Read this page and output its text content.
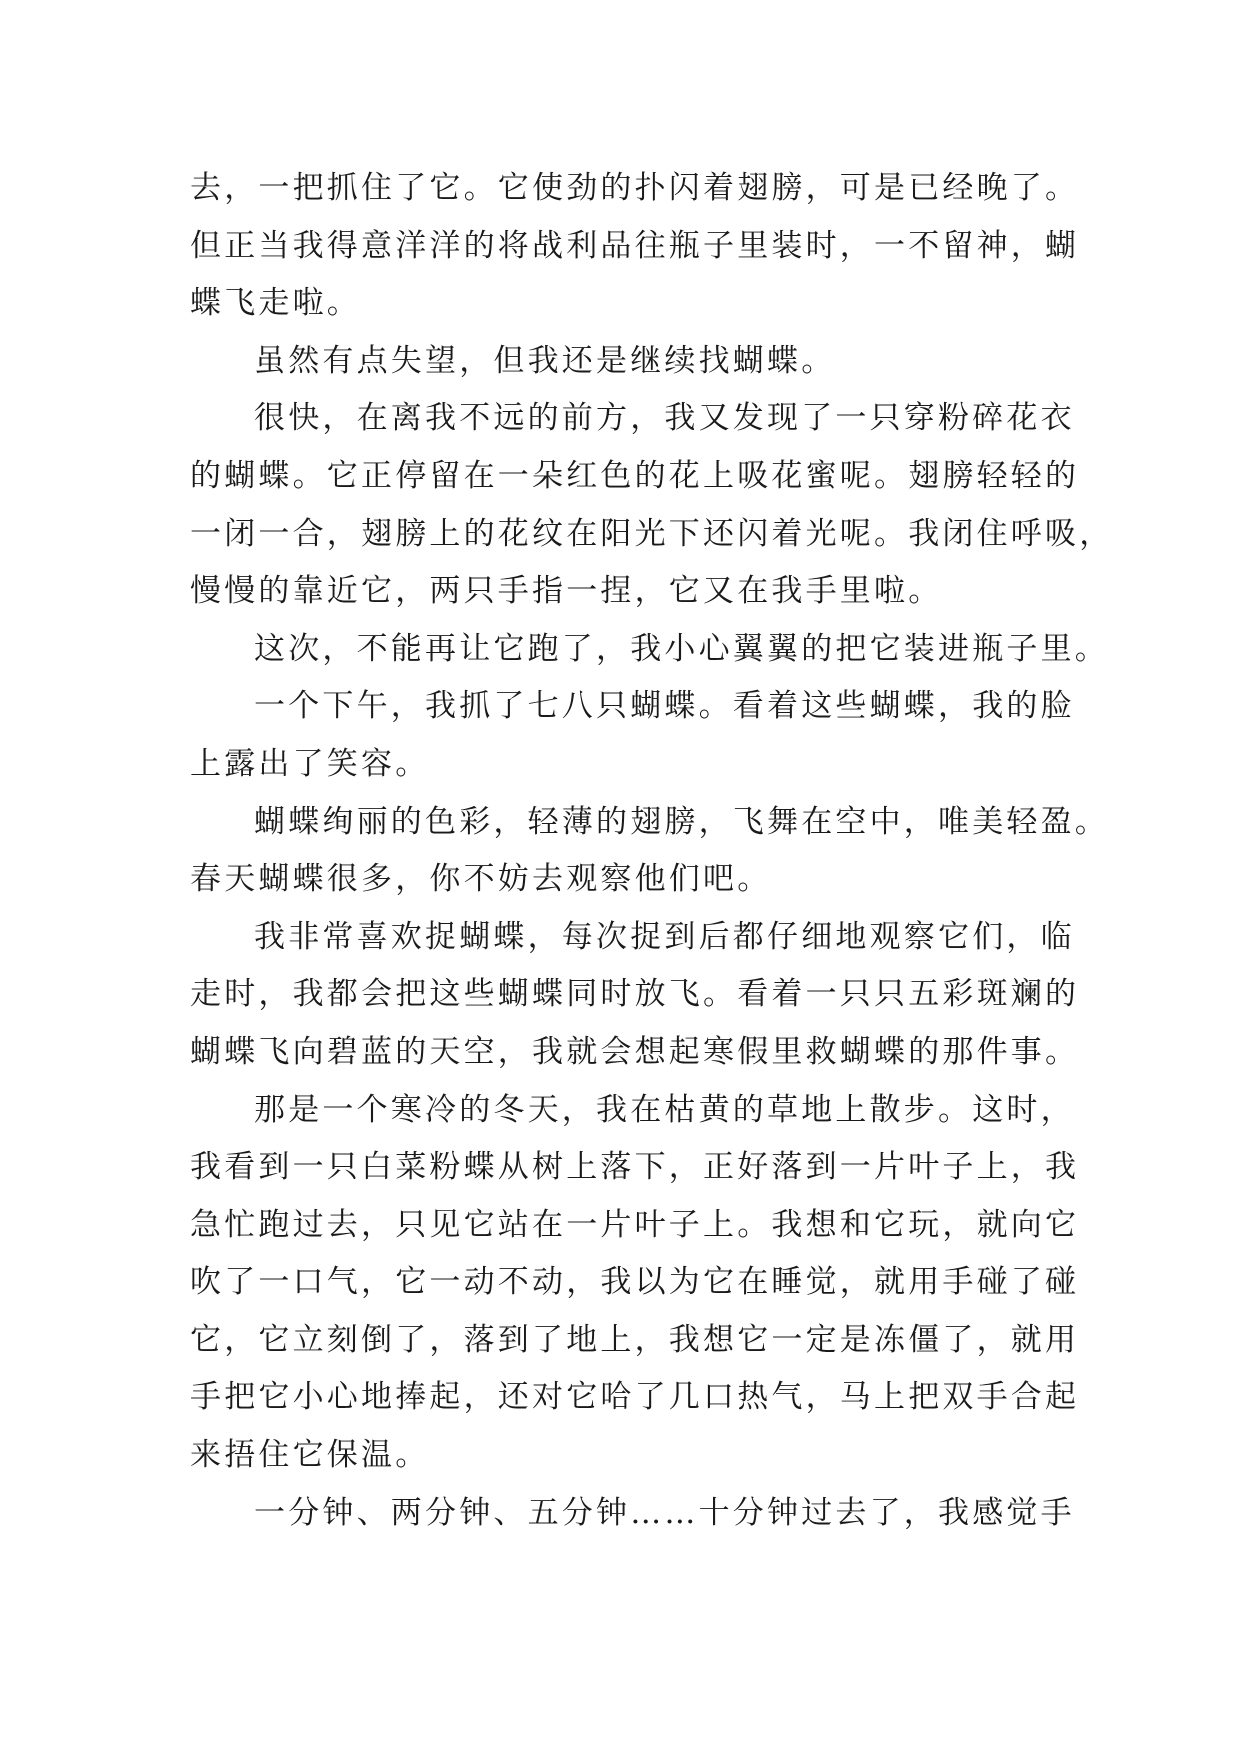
去，一把抓住了它。它使劲的扑闪着翅膀，可是已经晚了。
但正当我得意洋洋的将战利品往瓶子里装时，一不留神，蝴
蝶飞走啦。
虽然有点失望，但我还是继续找蝴蝶。
很快，在离我不远的前方，我又发现了一只穿粉碎花衣
的蝴蝶。它正停留在一朵红色的花上吸花蜜呢。翅膀轻轻的
一闭一合，翅膀上的花纹在阳光下还闪着光呢。我闭住呼吸，
慢慢的靠近它，两只手指一捏，它又在我手里啦。
这次，不能再让它跑了，我小心翼翼的把它装进瓶子里。
一个下午，我抓了七八只蝴蝶。看着这些蝴蝶，我的脸
上露出了笑容。
蝴蝶绚丽的色彩，轻薄的翅膀，飞舞在空中，唯美轻盈。
春天蝴蝶很多，你不妨去观察他们吧。
我非常喜欢捉蝴蝶，每次捉到后都仔细地观察它们，临
走时，我都会把这些蝴蝶同时放飞。看着一只只五彩斑斓的
蝴蝶飞向碧蓝的天空，我就会想起寒假里救蝴蝶的那件事。
那是一个寒冷的冬天，我在枯黄的草地上散步。这时，
我看到一只白菜粉蝶从树上落下，正好落到一片叶子上，我
急忙跑过去，只见它站在一片叶子上。我想和它玩，就向它
吹了一口气，它一动不动，我以为它在睡觉，就用手碰了碰
它，它立刻倒了，落到了地上，我想它一定是冻僵了，就用
手把它小心地捧起，还对它哈了几口热气，马上把双手合起
来捂住它保温。
一分钟、两分钟、五分钟……十分钟过去了，我感觉手
